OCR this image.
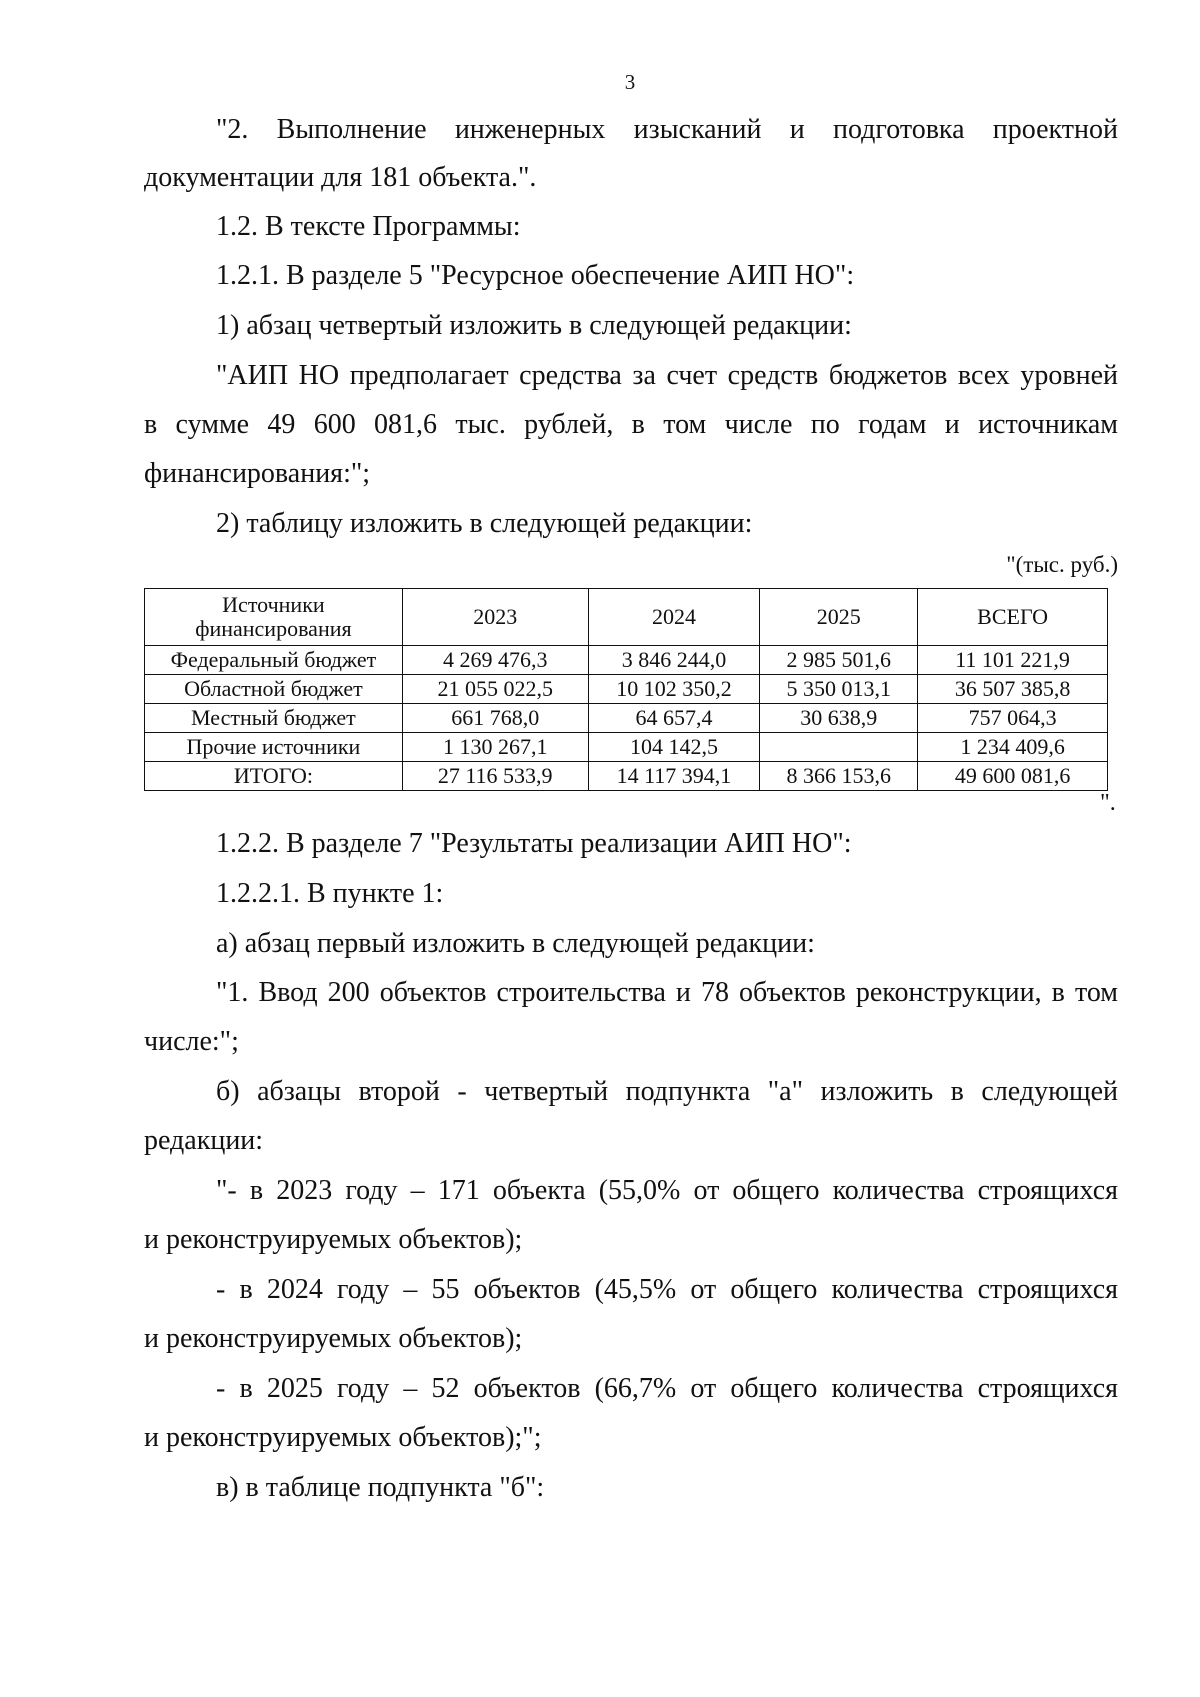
3
"2. Выполнение инженерных изысканий и подготовка проектной
документации для 181 объекта.".
1.2. В тексте Программы:
1.2.1. В разделе 5 "Ресурсное обеспечение АИП НО":
1) абзац четвертый изложить в следующей редакции:
"АИП НО предполагает средства за счет средств бюджетов всех уровней
в сумме 49 600 081,6 тыс. рублей, в том числе по годам и источникам
финансирования:";
2) таблицу изложить в следующей редакции:
"(тыс. руб.)
Источники финансирования	2023	2024	2025	ВСЕГО
Федеральный бюджет	4 269 476,3	3 846 244,0	2 985 501,6	11 101 221,9
Областной бюджет	21 055 022,5	10 102 350,2	5 350 013,1	36 507 385,8
Местный бюджет	661 768,0	64 657,4	30 638,9	757 064,3
Прочие источники	1 130 267,1	104 142,5		1 234 409,6
ИТОГО:	27 116 533,9	14 117 394,1	8 366 153,6	49 600 081,6
".
1.2.2. В разделе 7 "Результаты реализации АИП НО":
1.2.2.1. В пункте 1:
а) абзац первый изложить в следующей редакции:
"1. Ввод 200 объектов строительства и 78 объектов реконструкции, в том
числе:";
б) абзацы второй - четвертый подпункта "а" изложить в следующей
редакции:
"- в 2023 году – 171 объекта (55,0% от общего количества строящихся
и реконструируемых объектов);
- в 2024 году – 55 объектов (45,5% от общего количества строящихся
и реконструируемых объектов);
- в 2025 году – 52 объектов (66,7% от общего количества строящихся
и реконструируемых объектов);";
в) в таблице подпункта "б":
